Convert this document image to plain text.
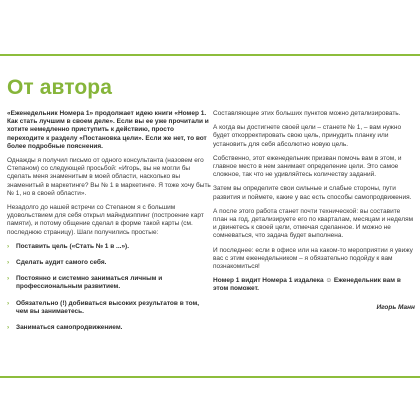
От автора

«Еженедельник Номера 1» продолжает идею книги «Номер 1. Как стать лучшим в своем деле». Если вы ее уже прочитали и хотите немедленно приступить к действию, просто переходите к разделу «Постановка цели». Если же нет, то вот более подробные пояснения.

Однажды я получил письмо от одного консультанта (назовем его Степаном) со следующей просьбой: «Игорь, вы не могли бы сделать меня знаменитым в моей области, насколько вы знаменитый в маркетинге? Вы № 1 в маркетинге. Я тоже хочу быть № 1, но в своей области».

Незадолго до нашей встречи со Степаном я с большим удовольствием для себя открыл майндмэппинг (построение карт памяти), и потому общение сделал в форме такой карты (см. последнюю страницу). Шаги получились простые:

› Поставить цель («Стать № 1 в ...»).
› Сделать аудит самого себя.
› Постоянно и системно заниматься личным и профессиональным развитием.
› Обязательно (!) добиваться высоких результатов в том, чем вы занимаетесь.
› Заниматься самопродвижением.

Составляющие этих больших пунктов можно детализировать.

А когда вы достигнете своей цели – станете № 1, – вам нужно будет откорректировать свою цель, принудить планку или установить для себя абсолютно новую цель.

Собственно, этот еженедельник призван помочь вам в этом, и главное место в нем занимает определение цели. Это самое сложное, так что не удивляйтесь количеству заданий.

Затем вы определите свои сильные и слабые стороны, пути развития и поймете, какие у вас есть способы самопродвижения.

А после этого работа станет почти технической: вы составите план на год, детализируете его по кварталам, месяцам и неделям и двинетесь к своей цели, отмечая сделанное. И можно не сомневаться, что задача будет выполнена.

И последнее: если в офисе или на каком-то мероприятии я увижу вас с этим еженедельником – я обязательно подойду к вам познакомиться!

Номер 1 видит Номера 1 издалека ☺ Еженедельник вам в этом поможет.

Игорь Манн
